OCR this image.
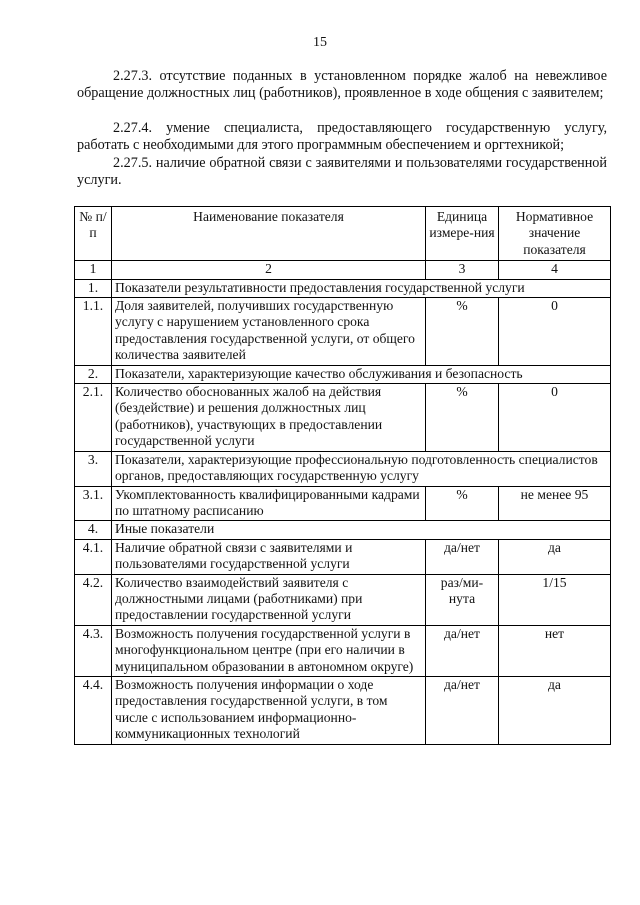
15
2.27.3. отсутствие поданных в установленном порядке жалоб на невежливое обращение должностных лиц (работников), проявленное в ходе общения с заявителем;
2.27.4. умение специалиста, предоставляющего государственную услугу, работать с необходимыми для этого программным обеспечением и оргтехникой;
2.27.5. наличие обратной связи с заявителями и пользователями государственной услуги.
№ п/п	Наименование показателя	Единица измере-ния	Нормативное значение показателя
1	2	3	4
1.	Показатели результативности предоставления государственной услуги		
1.1.	Доля заявителей, получивших государственную услугу с нарушением установленного срока предоставления государственной услуги, от общего количества заявителей	%	0
2.	Показатели, характеризующие качество обслуживания и безопасность		
2.1.	Количество обоснованных жалоб на действия (бездействие) и решения должностных лиц (работников), участвующих в предоставлении государственной услуги	%	0
3.	Показатели, характеризующие профессиональную подготовленность специалистов органов, предоставляющих государственную услугу		
3.1.	Укомплектованность квалифицированными кадрами по штатному расписанию	%	не менее 95
4.	Иные показатели		
4.1.	Наличие обратной связи с заявителями и пользователями государственной услуги	да/нет	да
4.2.	Количество взаимодействий заявителя с должностными лицами (работниками) при предоставлении государственной услуги	раз/ми-нута	1/15
4.3.	Возможность получения государственной услуги в многофункциональном центре (при его наличии в муниципальном образовании в автономном округе)	да/нет	нет
4.4.	Возможность получения информации о ходе предоставления государственной услуги, в том числе с использованием информационно-коммуникационных технологий	да/нет	да
